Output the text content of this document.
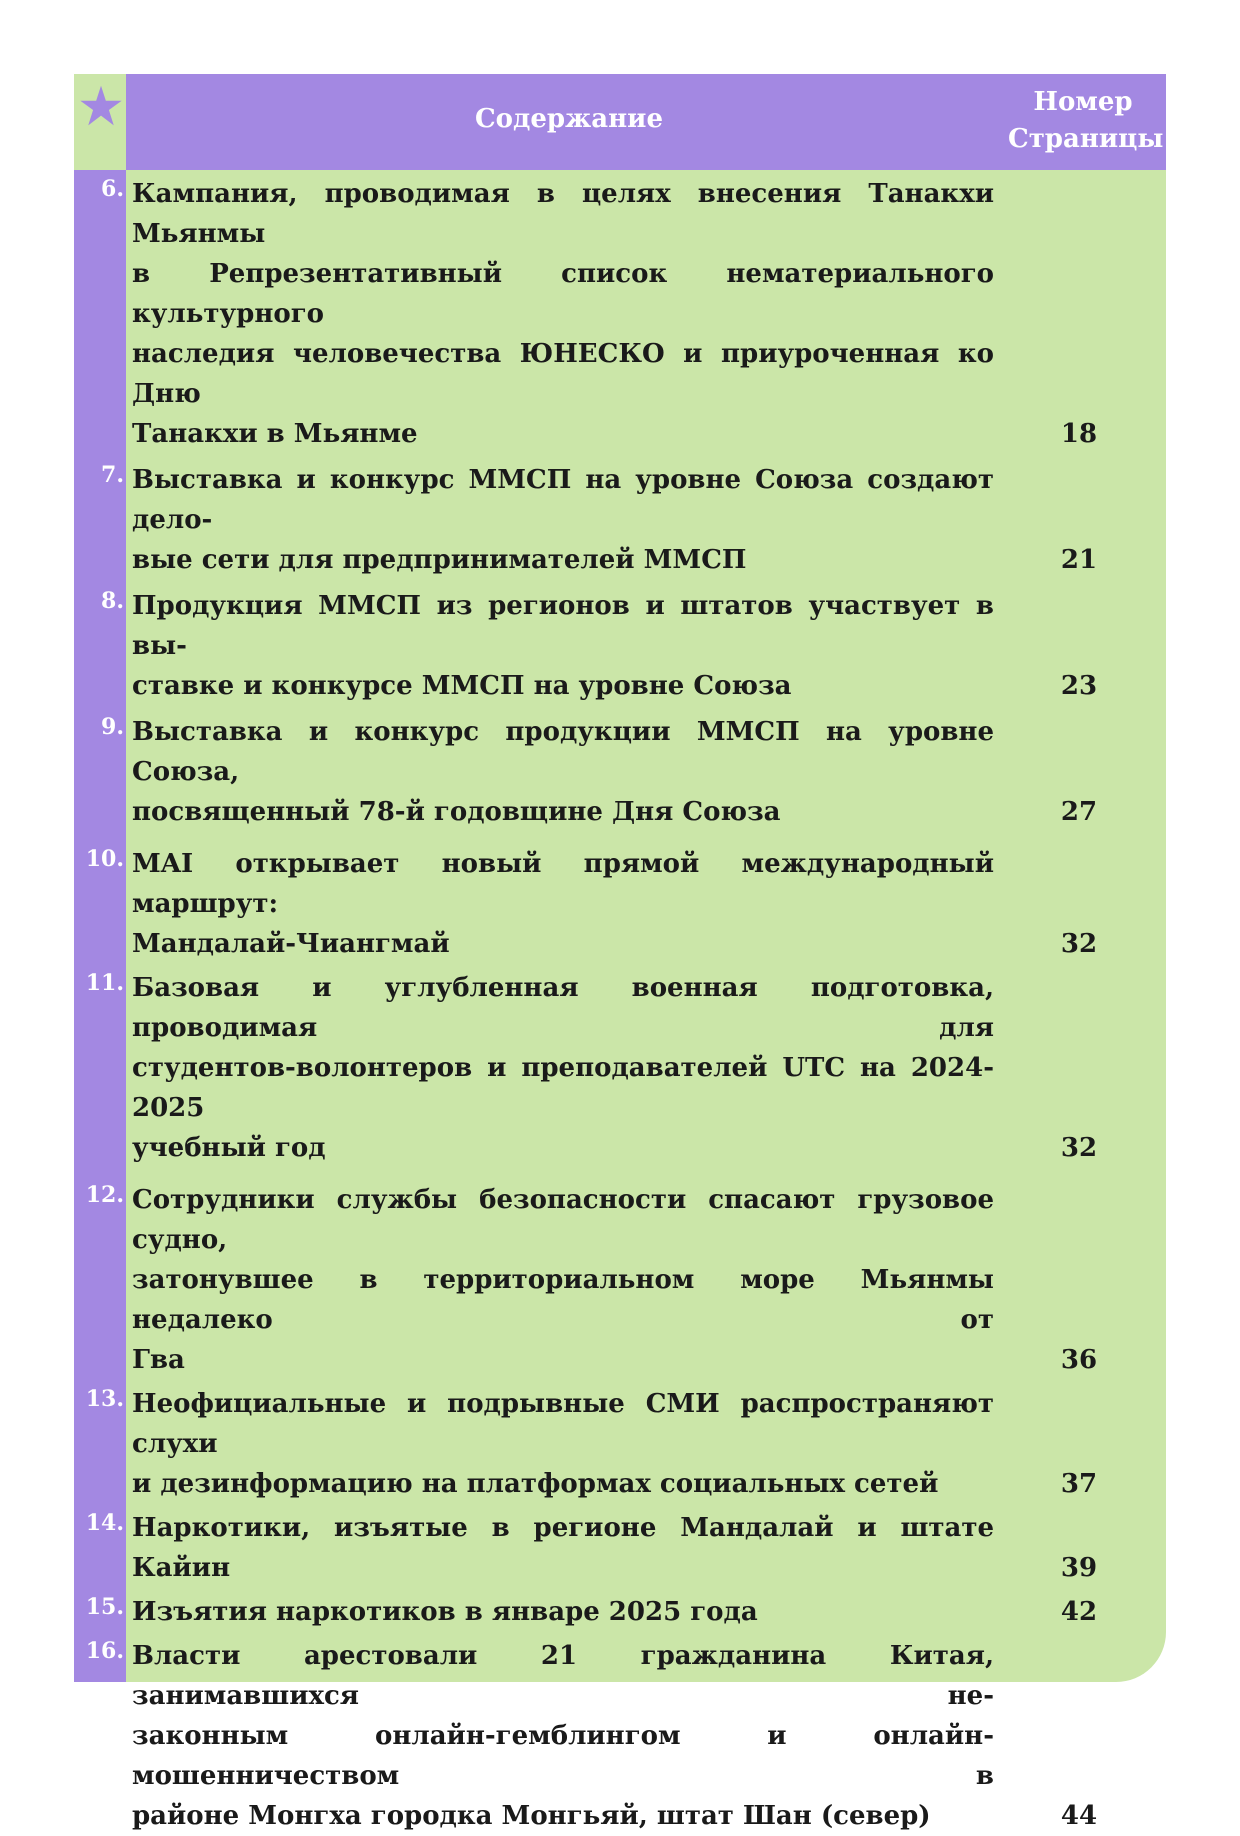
Содержание
Номер
Страницы
6. Кампания, проводимая в целях внесения Танакхи Мьянмы
в Репрезентативный список нематериального культурного
наследия человечества ЮНЕСКО и приуроченная ко Дню
Танакхи в Мьянме	18
7. Выставка и конкурс ММСП на уровне Союза создают дело-
вые сети для предпринимателей ММСП	21
8. Продукция ММСП из регионов и штатов участвует в вы-
ставке и конкурсе ММСП на уровне Союза	23
9. Выставка и конкурс продукции ММСП на уровне Союза,
посвященный 78-й годовщине Дня Союза	27
10. MAI открывает новый прямой международный маршрут:
Мандалай-Чиангмай	32
11. Базовая и углубленная военная подготовка, проводимая для
студентов-волонтеров и преподавателей UTC на 2024-2025
учебный год	32
12. Сотрудники службы безопасности спасают грузовое судно,
затонувшее в территориальном море Мьянмы недалеко от
Гва	36
13. Неофициальные и подрывные СМИ распространяют слухи
и дезинформацию на платформах социальных сетей	37
14. Наркотики, изъятые в регионе Мандалай и штате Кайин	39
15. Изъятия наркотиков в январе 2025 года	42
16. Власти арестовали 21 гражданина Китая, занимавшихся не-
законным онлайн-гемблингом и онлайн-мошенничеством в
районе Монгха городка Монгьяй, штат Шан (север)	44
